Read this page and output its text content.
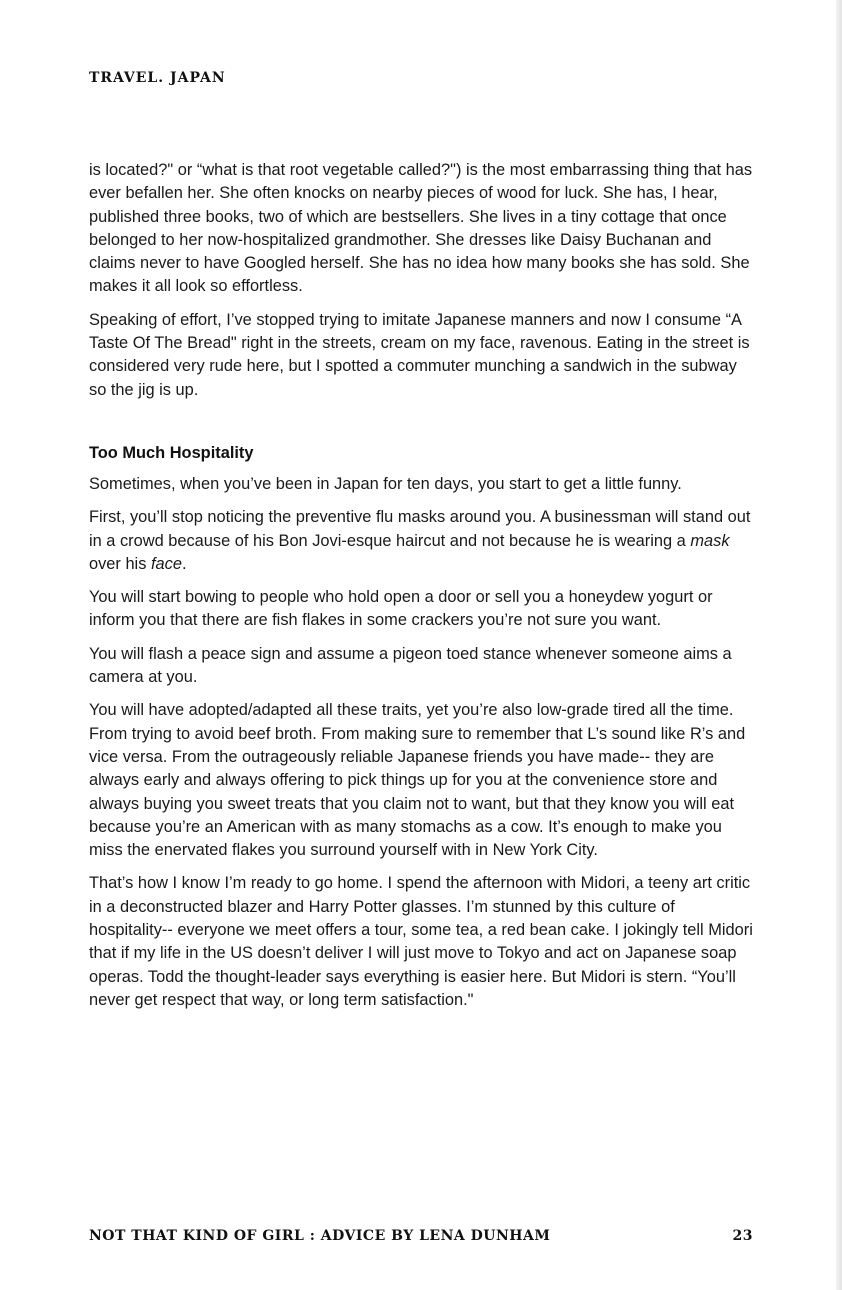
TRAVEL. JAPAN

is located?" or “what is that root vegetable called?") is the most embarrassing thing that has ever befallen her. She often knocks on nearby pieces of wood for luck. She has, I hear, published three books, two of which are bestsellers. She lives in a tiny cottage that once belonged to her now-hospitalized grandmother. She dresses like Daisy Buchanan and claims never to have Googled herself. She has no idea how many books she has sold. She makes it all look so effortless.

Speaking of effort, I’ve stopped trying to imitate Japanese manners and now I consume “A Taste Of The Bread" right in the streets, cream on my face, ravenous. Eating in the street is considered very rude here, but I spotted a commuter munching a sandwich in the subway so the jig is up.

Too Much Hospitality

Sometimes, when you’ve been in Japan for ten days, you start to get a little funny.

First, you’ll stop noticing the preventive flu masks around you. A businessman will stand out in a crowd because of his Bon Jovi-esque haircut and not because he is wearing a mask over his face.

You will start bowing to people who hold open a door or sell you a honeydew yogurt or inform you that there are fish flakes in some crackers you’re not sure you want.

You will flash a peace sign and assume a pigeon toed stance whenever someone aims a camera at you.

You will have adopted/adapted all these traits, yet you’re also low-grade tired all the time. From trying to avoid beef broth. From making sure to remember that L’s sound like R’s and vice versa. From the outrageously reliable Japanese friends you have made-- they are always early and always offering to pick things up for you at the convenience store and always buying you sweet treats that you claim not to want, but that they know you will eat because you’re an American with as many stomachs as a cow. It’s enough to make you miss the enervated flakes you surround yourself with in New York City.

That’s how I know I’m ready to go home. I spend the afternoon with Midori, a teeny art critic in a deconstructed blazer and Harry Potter glasses. I’m stunned by this culture of hospitality-- everyone we meet offers a tour, some tea, a red bean cake. I jokingly tell Midori that if my life in the US doesn’t deliver I will just move to Tokyo and act on Japanese soap operas. Todd the thought-leader says everything is easier here. But Midori is stern. “You’ll never get respect that way, or long term satisfaction."

NOT THAT KIND OF GIRL : ADVICE BY LENA DUNHAM	23
